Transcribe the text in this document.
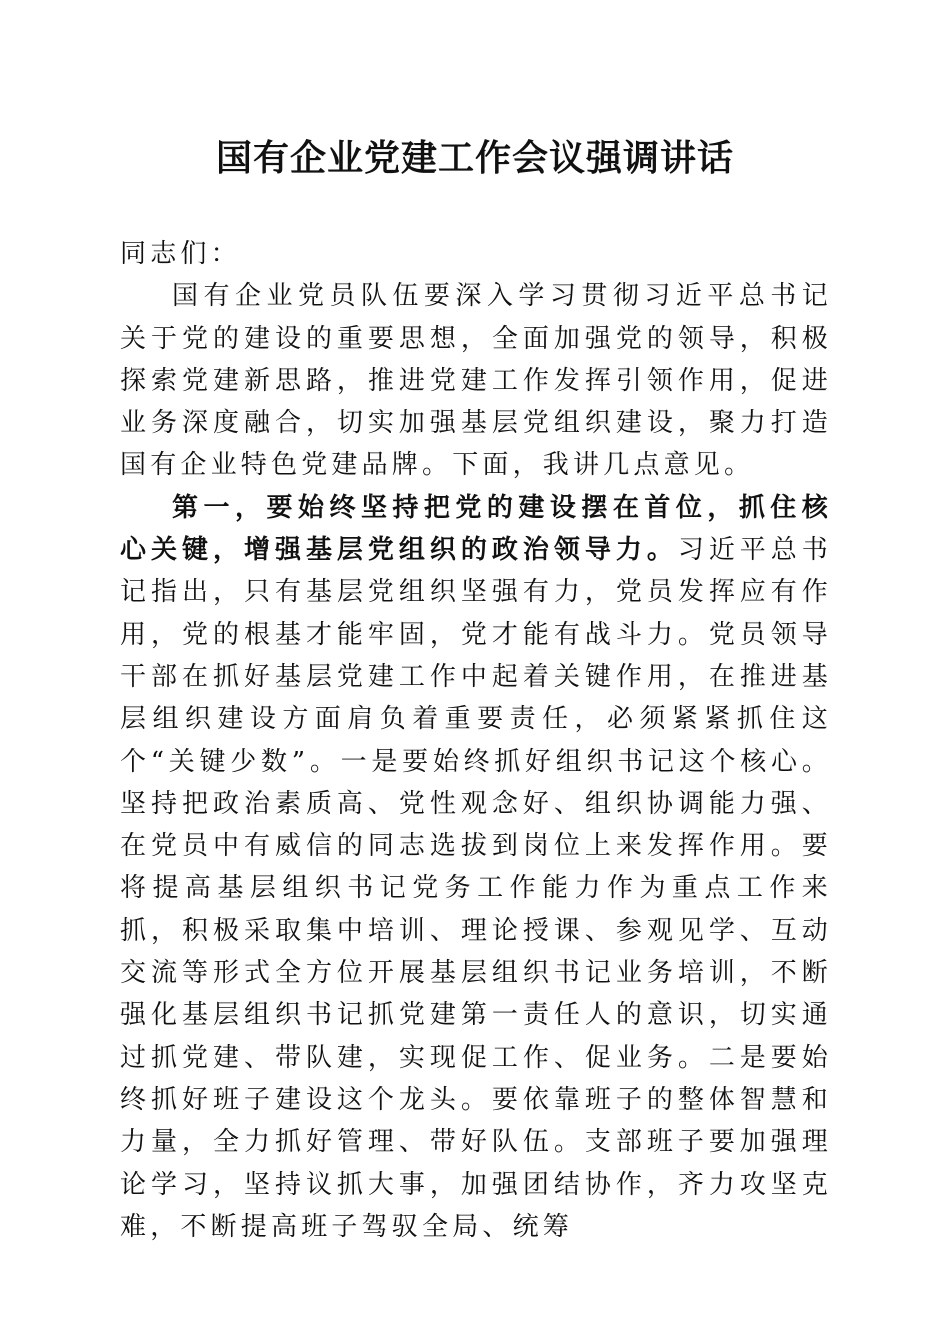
国有企业党建工作会议强调讲话

同志们：

国有企业党员队伍要深入学习贯彻习近平总书记关于党的建设的重要思想，全面加强党的领导，积极探索党建新思路，推进党建工作发挥引领作用，促进业务深度融合，切实加强基层党组织建设，聚力打造国有企业特色党建品牌。下面，我讲几点意见。

第一，要始终坚持把党的建设摆在首位，抓住核心关键，增强基层党组织的政治领导力。习近平总书记指出，只有基层党组织坚强有力，党员发挥应有作用，党的根基才能牢固，党才能有战斗力。党员领导干部在抓好基层党建工作中起着关键作用，在推进基层组织建设方面肩负着重要责任，必须紧紧抓住这个“关键少数”。一是要始终抓好组织书记这个核心。坚持把政治素质高、党性观念好、组织协调能力强、在党员中有威信的同志选拔到岗位上来发挥作用。要将提高基层组织书记党务工作能力作为重点工作来抓，积极采取集中培训、理论授课、参观见学、互动交流等形式全方位开展基层组织书记业务培训，不断强化基层组织书记抓党建第一责任人的意识，切实通过抓党建、带队建，实现促工作、促业务。二是要始终抓好班子建设这个龙头。要依靠班子的整体智慧和力量，全力抓好管理、带好队伍。支部班子要加强理论学习，坚持议抓大事，加强团结协作，齐力攻坚克难，不断提高班子驾驭全局、统筹
